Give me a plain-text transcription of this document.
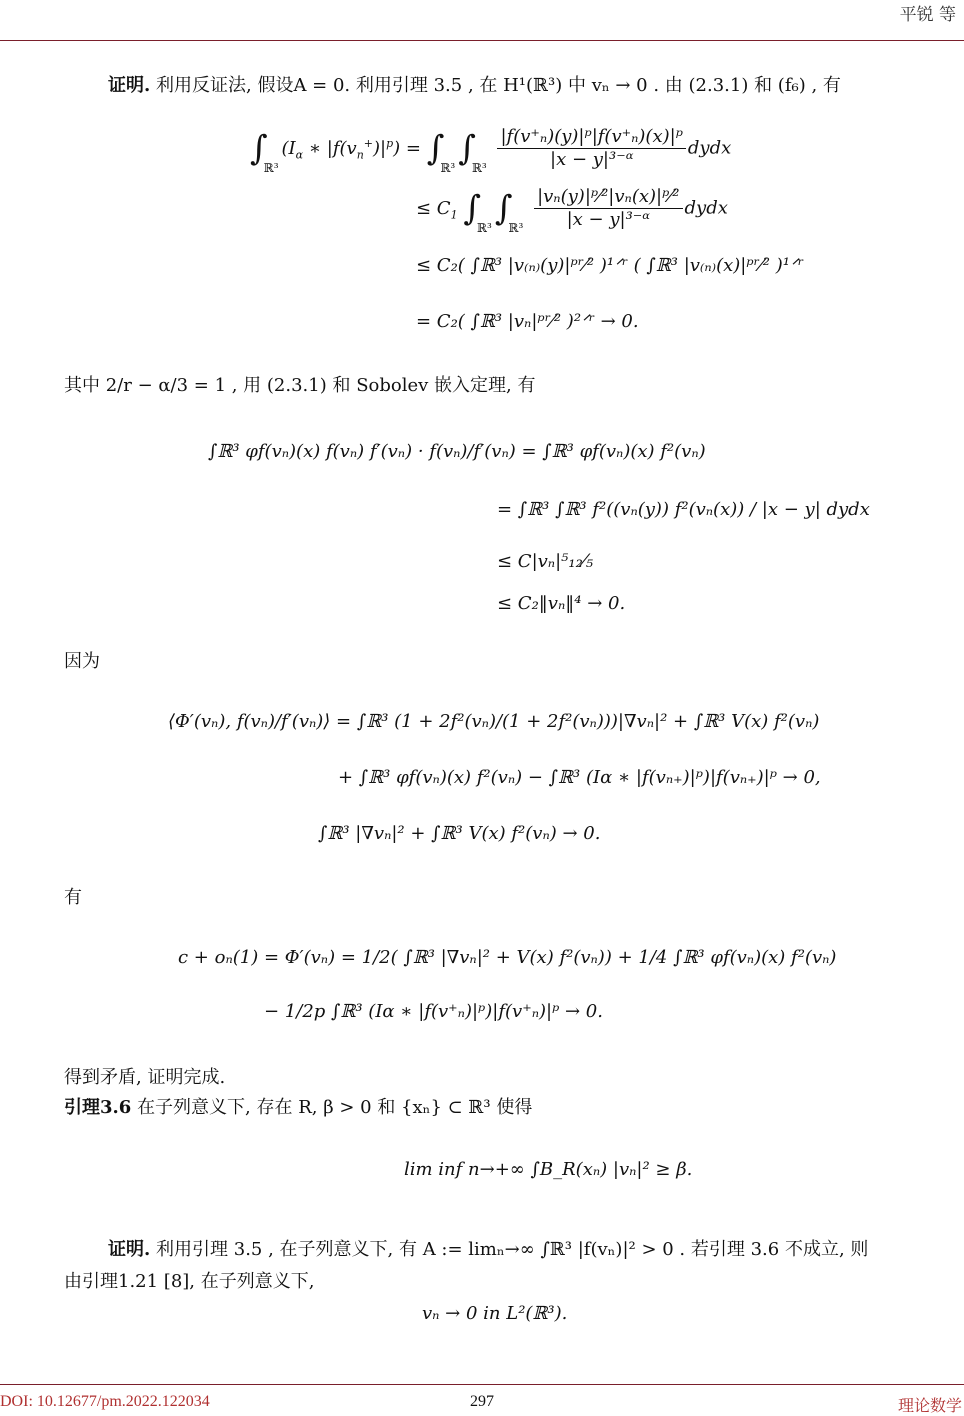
平锐 等
证明. 利用反证法, 假设A = 0. 利用引理 3.5 , 在 H¹(ℝ³) 中 vₙ → 0 . 由 (2.3.1) 和 (f₆) , 有
$\int_{ℝ^3}(I_\alpha$ ∗ $|f(v_n^+)|^p) = \int_{ℝ^3}\int_{ℝ^3} \frac{\text{|f(v⁺ₙ)(y)|ᵖ|f(v⁺ₙ)(x)|ᵖ}}{\text{|x − y|³⁻ᵅ}}$ dydx
≤ $C_1$ $\int_{ℝ^3}\int_{ℝ^3} \frac{\text{|vₙ(y)|ᵖ⁄²|vₙ(x)|ᵖ⁄²}}{\text{|x − y|³⁻ᵅ}}$ dydx
≤ C₂( ∫ℝ³ |v₍ₙ₎(y)|ᵖʳ⁄² )¹ᐟʳ ( ∫ℝ³ |v₍ₙ₎(x)|ᵖʳ⁄² )¹ᐟʳ
= C₂( ∫ℝ³ |vₙ|ᵖʳ⁄² )²ᐟʳ → 0.
其中 2/r − α/3 = 1 , 用 (2.3.1) 和 Sobolev 嵌入定理, 有
∫ℝ³ φf(vₙ)(x) f(vₙ) f′(vₙ) · f(vₙ)/f′(vₙ) = ∫ℝ³ φf(vₙ)(x) f²(vₙ)
= ∫ℝ³ ∫ℝ³ f²((vₙ(y)) f²(vₙ(x)) / |x − y| dydx
≤ C|vₙ|⁵₁₂⁄₅
≤ C₂‖vₙ‖⁴ → 0.
因为
⟨Φ′(vₙ), f(vₙ)/f′(vₙ)⟩ = ∫ℝ³ (1 + 2f²(vₙ)/(1 + 2f²(vₙ)))|∇vₙ|² + ∫ℝ³ V(x) f²(vₙ)
+ ∫ℝ³ φf(vₙ)(x) f²(vₙ) − ∫ℝ³ (Iα ∗ |f(vₙ₊)|ᵖ)|f(vₙ₊)|ᵖ → 0,
∫ℝ³ |∇vₙ|² + ∫ℝ³ V(x) f²(vₙ) → 0.
有
c + oₙ(1) = Φ′(vₙ) = 1/2( ∫ℝ³ |∇vₙ|² + V(x) f²(vₙ)) + 1/4 ∫ℝ³ φf(vₙ)(x) f²(vₙ)
− 1/2p ∫ℝ³ (Iα ∗ |f(v⁺ₙ)|ᵖ)|f(v⁺ₙ)|ᵖ → 0.
得到矛盾, 证明完成.
引理3.6 在子列意义下, 存在 R, β > 0 和 {xₙ} ⊂ ℝ³ 使得
lim inf n→+∞ ∫B_R(xₙ) |vₙ|² ≥ β.
证明. 利用引理 3.5 , 在子列意义下, 有 A := limₙ→∞ ∫ℝ³ |f(vₙ)|² > 0 . 若引理 3.6 不成立, 则
由引理1.21 [8], 在子列意义下,
vₙ → 0 in L²(ℝ³).
DOI: 10.12677/pm.2022.122034	297	理论数学
